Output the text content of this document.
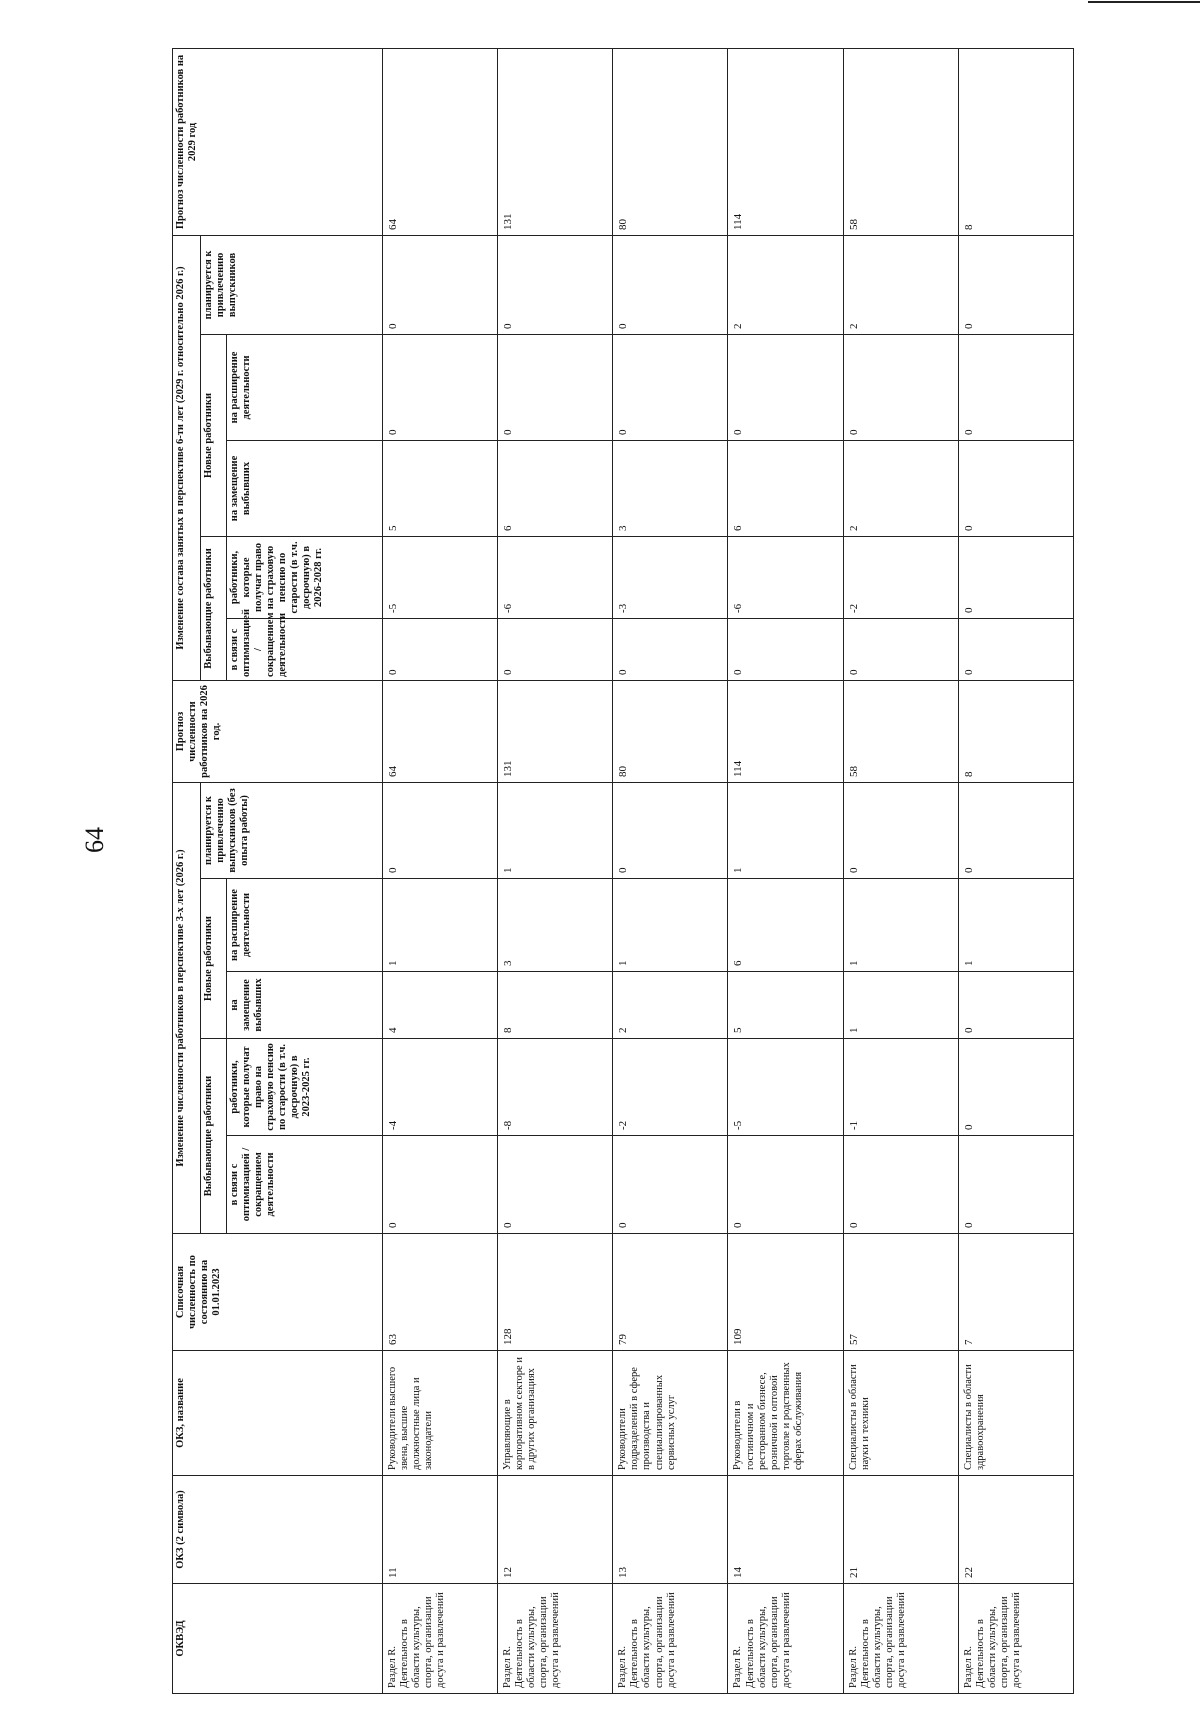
64
ОКВЭД	ОКЗ (2 символа)	ОКЗ, название	Списочная численность по состоянию на 01.01.2023	Изменение численности работников в перспективе 3-х лет (2026 г.)					Прогноз численности работников на 2026 год.	Изменение состава занятых в перспективе 6-ти лет (2029 г. относительно 2026 г.)					Прогноз численности работников на 2029 год
				Выбывающие работники		Новые работники		планируется к привлечению выпускников (без опыта работы)		Выбывающие работники		Новые работники		планируется к привлечению выпускников	
				в связи с оптимизацией / сокращением деятельности	работники, которые получат право на страховую пенсию по старости (в т.ч. досрочную) в 2023-2025 гг.	на замещение выбывших	на расширение деятельности			в связи с оптимизацией / сокращением деятельности	работники, которые получат право на страховую пенсию по старости (в т.ч. досрочную) в 2026-2028 гг.	на замещение выбывших	на расширение деятельности		
Раздел R. Деятельность в области культуры, спорта, организации досуга и развлечений	11	Руководители высшего звена, высшие должностные лица и законодатели	63	0	-4	4	1	0	64	0	-5	5	0	0	64
Раздел R. Деятельность в области культуры, спорта, организации досуга и развлечений	12	Управляющие в корпоративном секторе и в других организациях	128	0	-8	8	3	1	131	0	-6	6	0	0	131
Раздел R. Деятельность в области культуры, спорта, организации досуга и развлечений	13	Руководители подразделений в сфере производства и специализированных сервисных услуг	79	0	-2	2	1	0	80	0	-3	3	0	0	80
Раздел R. Деятельность в области культуры, спорта, организации досуга и развлечений	14	Руководители в гостиничном и ресторанном бизнесе, розничной и оптовой торговле и родственных сферах обслуживания	109	0	-5	5	6	1	114	0	-6	6	0	2	114
Раздел R. Деятельность в области культуры, спорта, организации досуга и развлечений	21	Специалисты в области науки и техники	57	0	-1	1	1	0	58	0	-2	2	0	2	58
Раздел R. Деятельность в области культуры, спорта, организации досуга и развлечений	22	Специалисты в области здравоохранения	7	0	0	0	1	0	8	0	0	0	0	0	8
